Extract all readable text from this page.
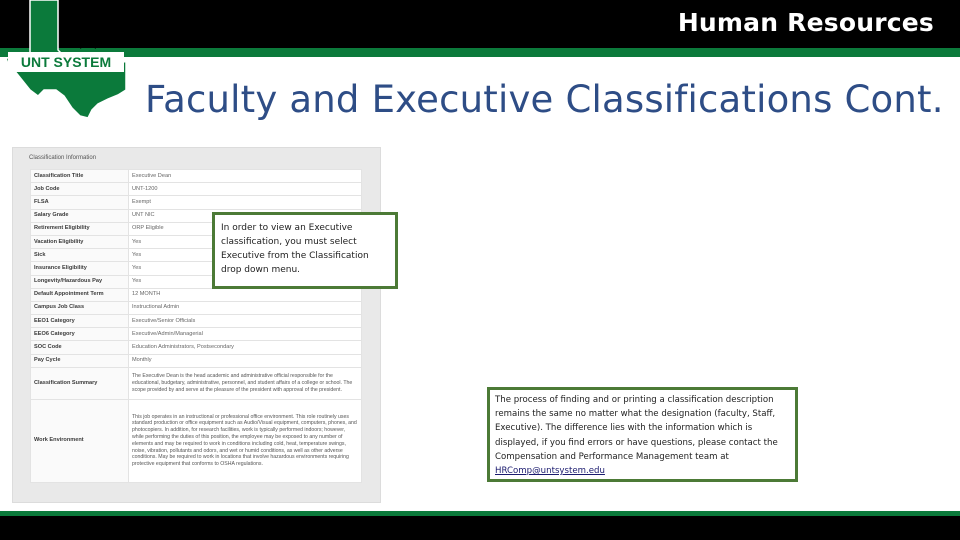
Human Resources
UNT SYSTEM
Faculty and Executive Classifications Cont.
Classification Information
Classification Title	Executive Dean
Job Code	UNT-1200
FLSA	Exempt
Salary Grade	UNT NIC
Retirement Eligibility	ORP Eligible
Vacation Eligibility	Yes
Sick	Yes
Insurance Eligibility	Yes
Longevity/Hazardous Pay	Yes
Default Appointment Term	12 MONTH
Campus Job Class	Instructional Admin
EEO1 Category	Executive/Senior Officials
EEO6 Category	Executive/Admin/Managerial
SOC Code	Education Administrators, Postsecondary
Pay Cycle	Monthly
Classification Summary	The Executive Dean is the head academic and administrative official responsible for the educational, budgetary, administrative, personnel, and student affairs of a college or school. The scope provided by and serve at the pleasure of the president with approval of the president.
Work Environment	This job operates in an instructional or professional office environment. This role routinely uses standard production or office equipment such as Audio/Visual equipment, computers, phones, and photocopiers. In addition, for research facilities, work is typically performed indoors; however, while performing the duties of this position, the employee may be exposed to any number of elements and may be required to work in conditions including cold, heat, temperature swings, noise, vibration, pollutants and odors, and wet or humid conditions, as well as other adverse conditions. May be required to work in locations that involve hazardous environments requiring protective equipment that conforms to OSHA regulations.
In order to view an Executive classification, you must select Executive from the Classification drop down menu.
The process of finding and or printing a classification description remains the same no matter what the designation (faculty, Staff, Executive). The difference lies with the information which is displayed, if you find errors or have questions, please contact the Compensation and Performance Management team at HRComp@untsystem.edu
